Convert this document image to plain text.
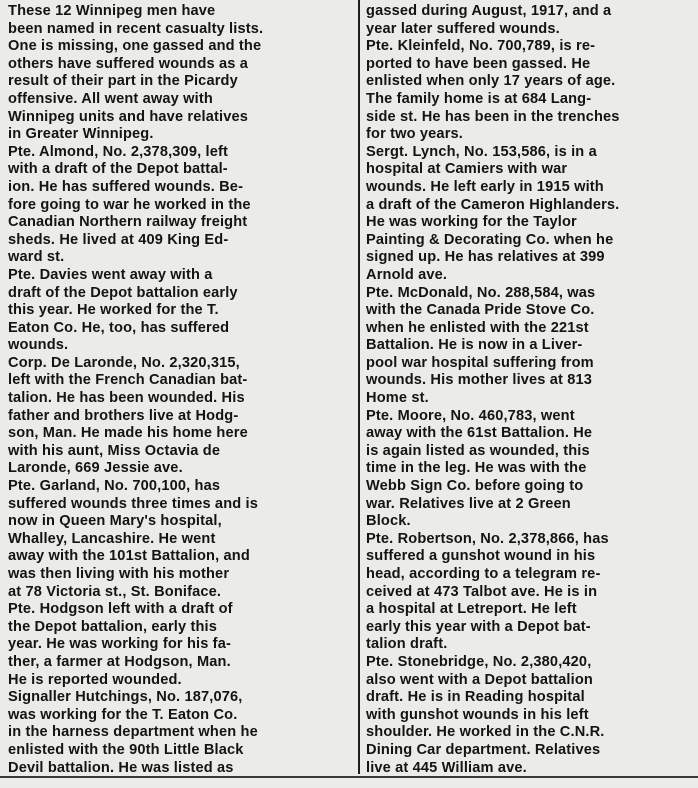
These 12 Winnipeg men have
been named in recent casualty lists.
One is missing, one gassed and the
others have suffered wounds as a
result of their part in the Picardy
offensive. All went away with
Winnipeg units and have relatives
in Greater Winnipeg.

Pte. Almond, No. 2,378,309, left
with a draft of the Depot battal-
ion. He has suffered wounds. Be-
fore going to war he worked in the
Canadian Northern railway freight
sheds. He lived at 409 King Ed-
ward st.

Pte. Davies went away with a
draft of the Depot battalion early
this year. He worked for the T.
Eaton Co. He, too, has suffered
wounds.

Corp. De Laronde, No. 2,320,315,
left with the French Canadian bat-
talion. He has been wounded. His
father and brothers live at Hodg-
son, Man. He made his home here
with his aunt, Miss Octavia de
Laronde, 669 Jessie ave.

Pte. Garland, No. 700,100, has
suffered wounds three times and is
now in Queen Mary's hospital,
Whalley, Lancashire. He went
away with the 101st Battalion, and
was then living with his mother
at 78 Victoria st., St. Boniface.

Pte. Hodgson left with a draft of
the Depot battalion, early this
year. He was working for his fa-
ther, a farmer at Hodgson, Man.
He is reported wounded.

Signaller Hutchings, No. 187,076,
was working for the T. Eaton Co.
in the harness department when he
enlisted with the 90th Little Black
Devil battalion. He was listed as

gassed during August, 1917, and a
year later suffered wounds.

Pte. Kleinfeld, No. 700,789, is re-
ported to have been gassed. He
enlisted when only 17 years of age.
The family home is at 684 Lang-
side st. He has been in the trenches
for two years.

Sergt. Lynch, No. 153,586, is in a
hospital at Camiers with war
wounds. He left early in 1915 with
a draft of the Cameron Highlanders.
He was working for the Taylor
Painting & Decorating Co. when he
signed up. He has relatives at 399
Arnold ave.

Pte. McDonald, No. 288,584, was
with the Canada Pride Stove Co.
when he enlisted with the 221st
Battalion. He is now in a Liver-
pool war hospital suffering from
wounds. His mother lives at 813
Home st.

Pte. Moore, No. 460,783, went
away with the 61st Battalion. He
is again listed as wounded, this
time in the leg. He was with the
Webb Sign Co. before going to
war. Relatives live at 2 Green
Block.

Pte. Robertson, No. 2,378,866, has
suffered a gunshot wound in his
head, according to a telegram re-
ceived at 473 Talbot ave. He is in
a hospital at Letreport. He left
early this year with a Depot bat-
talion draft.

Pte. Stonebridge, No. 2,380,420,
also went with a Depot battalion
draft. He is in Reading hospital
with gunshot wounds in his left
shoulder. He worked in the C.N.R.
Dining Car department. Relatives
live at 445 William ave.
